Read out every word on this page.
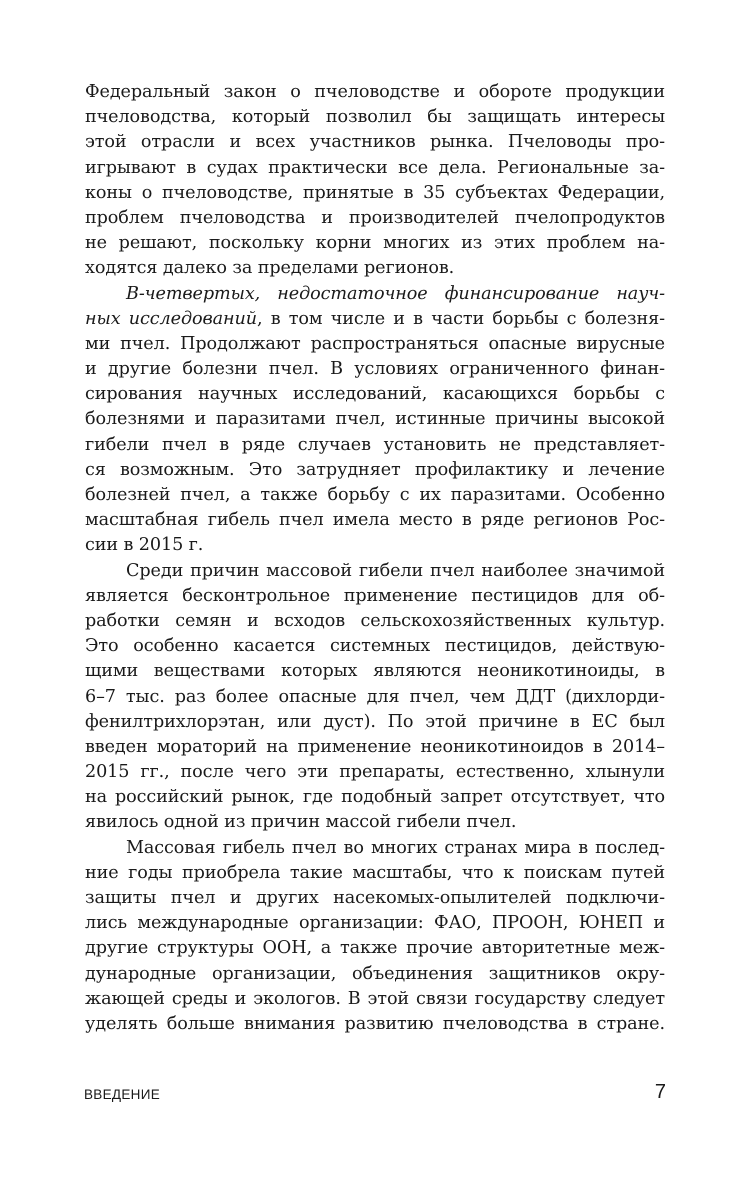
Федеральный закон о пчеловодстве и обороте продукции
пчеловодства, который позволил бы защищать интересы
этой отрасли и всех участников рынка. Пчеловоды про-
игрывают в судах практически все дела. Региональные за-
коны о пчеловодстве, принятые в 35 субъектах Федерации,
проблем пчеловодства и производителей пчелопродуктов
не решают, поскольку корни многих из этих проблем на-
ходятся далеко за пределами регионов.
В-четвертых, недостаточное финансирование науч-
ных исследований, в том числе и в части борьбы с болезня-
ми пчел. Продолжают распространяться опасные вирусные
и другие болезни пчел. В условиях ограниченного финан-
сирования научных исследований, касающихся борьбы с
болезнями и паразитами пчел, истинные причины высокой
гибели пчел в ряде случаев установить не представляет-
ся возможным. Это затрудняет профилактику и лечение
болезней пчел, а также борьбу с их паразитами. Особенно
масштабная гибель пчел имела место в ряде регионов Рос-
сии в 2015 г.
Среди причин массовой гибели пчел наиболее значимой
является бесконтрольное применение пестицидов для об-
работки семян и всходов сельскохозяйственных культур.
Это особенно касается системных пестицидов, действую-
щими веществами которых являются неоникотиноиды, в
6–7 тыс. раз более опасные для пчел, чем ДДТ (дихлорди-
фенилтрихлорэтан, или дуст). По этой причине в ЕС был
введен мораторий на применение неоникотиноидов в 2014–
2015 гг., после чего эти препараты, естественно, хлынули
на российский рынок, где подобный запрет отсутствует, что
явилось одной из причин массой гибели пчел.
Массовая гибель пчел во многих странах мира в послед-
ние годы приобрела такие масштабы, что к поискам путей
защиты пчел и других насекомых-опылителей подключи-
лись международные организации: ФАО, ПРООН, ЮНЕП и
другие структуры ООН, а также прочие авторитетные меж-
дународные организации, объединения защитников окру-
жающей среды и экологов. В этой связи государству следует
уделять больше внимания развитию пчеловодства в стране.
ВВЕДЕНИЕ	7
